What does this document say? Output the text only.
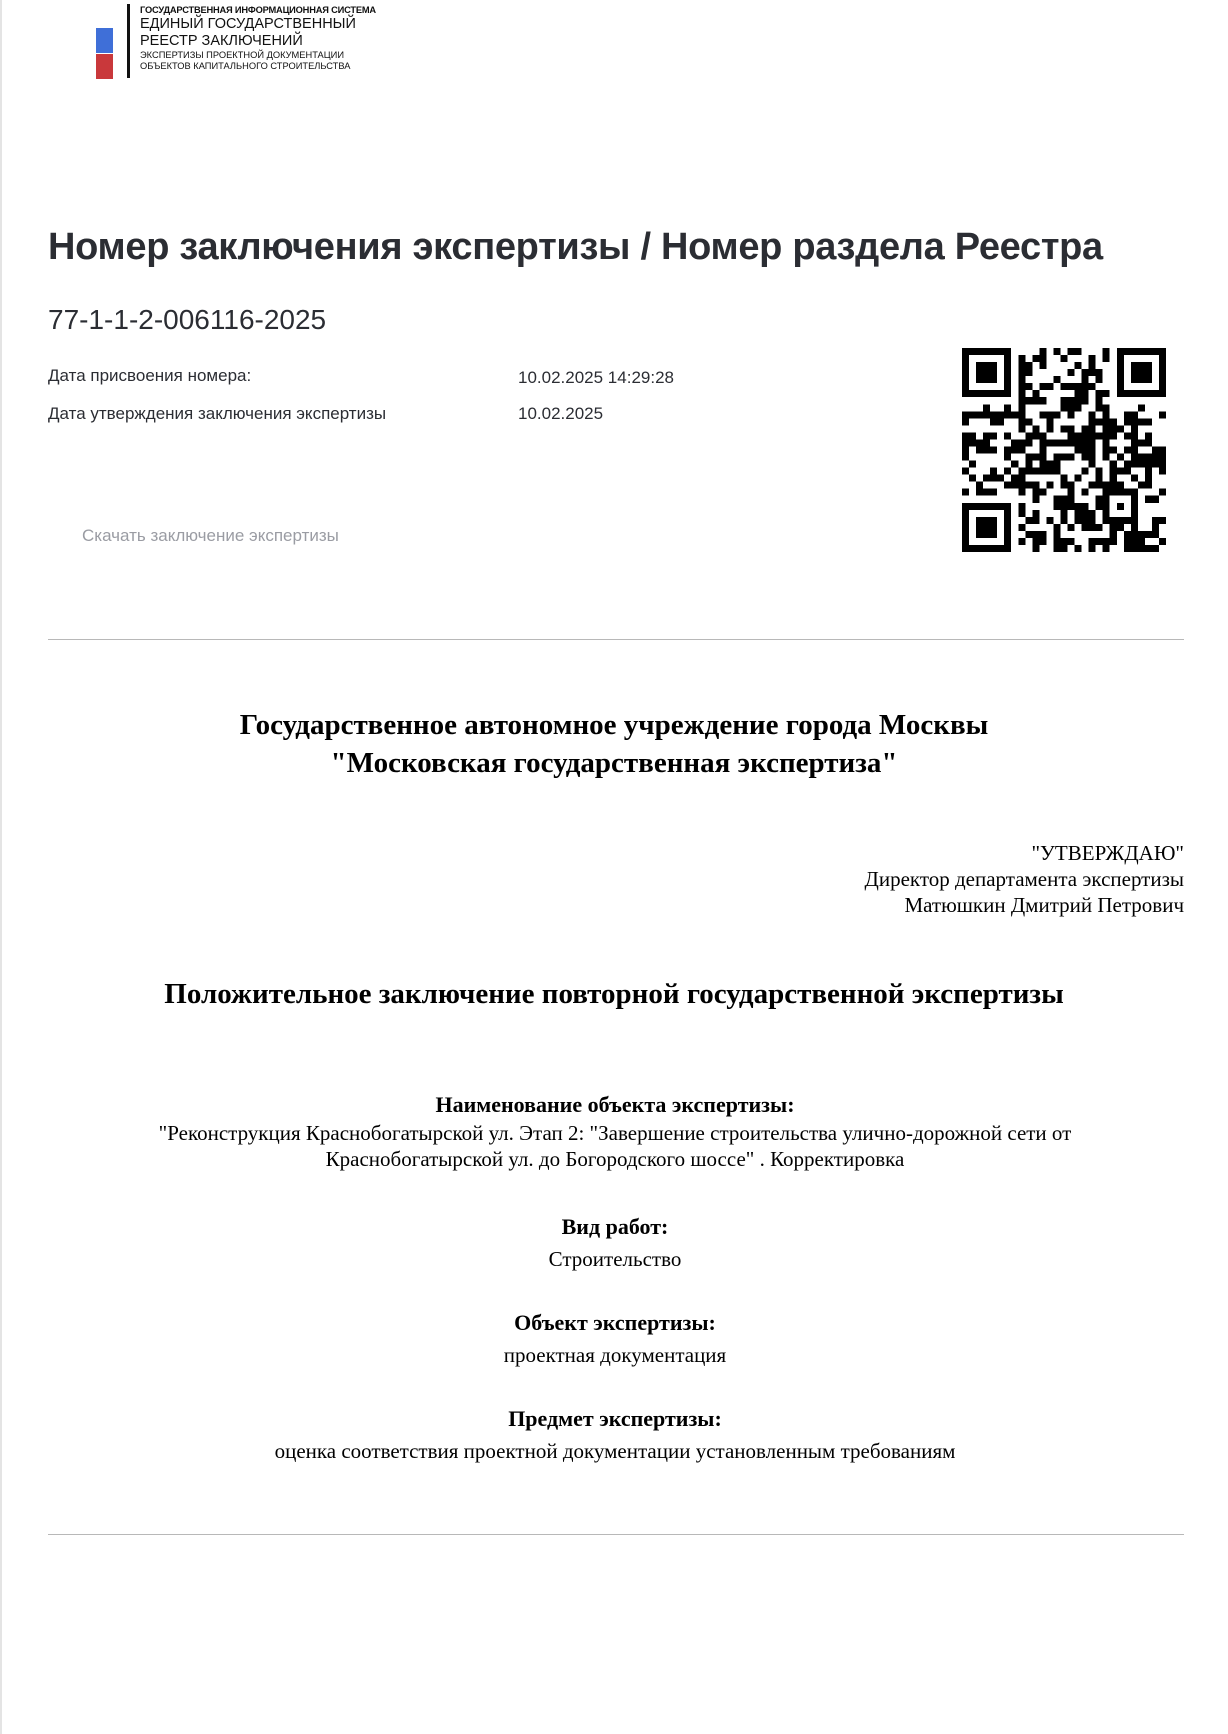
ГОСУДАРСТВЕННАЯ ИНФОРМАЦИОННАЯ СИСТЕМА
ЕДИНЫЙ ГОСУДАРСТВЕННЫЙ
РЕЕСТР ЗАКЛЮЧЕНИЙ
ЭКСПЕРТИЗЫ ПРОЕКТНОЙ ДОКУМЕНТАЦИИ
ОБЪЕКТОВ КАПИТАЛЬНОГО СТРОИТЕЛЬСТВА
Номер заключения экспертизы / Номер раздела Реестра
77-1-1-2-006116-2025
Дата присвоения номера:	10.02.2025 14:29:28
Дата утверждения заключения экспертизы	10.02.2025
Скачать заключение экспертизы
Государственное автономное учреждение города Москвы
"Московская государственная экспертиза"
"УТВЕРЖДАЮ"
Директор департамента экспертизы
Матюшкин Дмитрий Петрович
Положительное заключение повторной государственной экспертизы
Наименование объекта экспертизы:
"Реконструкция Краснобогатырской ул. Этап 2: "Завершение строительства улично-дорожной сети от Краснобогатырской ул. до Богородского шоссе" . Корректировка
Вид работ:
Строительство
Объект экспертизы:
проектная документация
Предмет экспертизы:
оценка соответствия проектной документации установленным требованиям
